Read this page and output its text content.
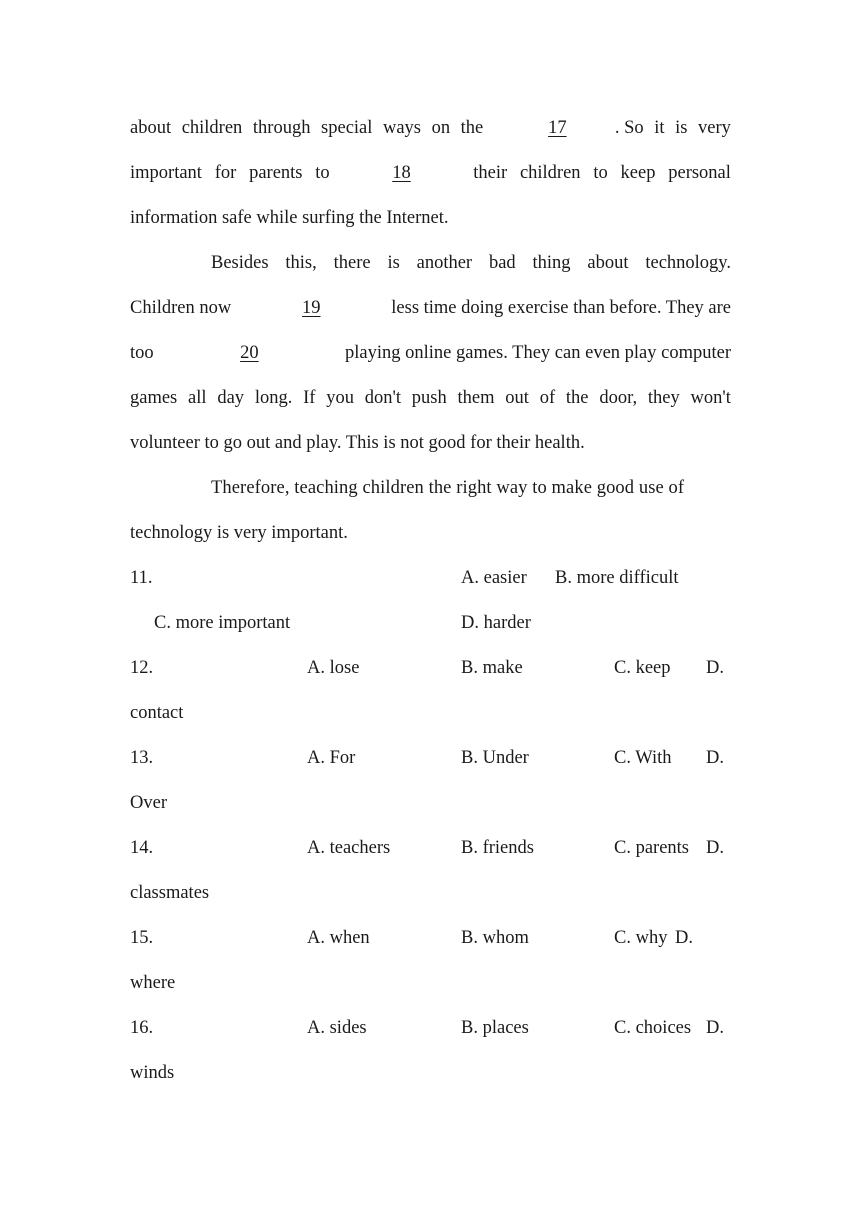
about children through special ways on the	17	. So it is very
important for parents to	18	their children to keep personal
information safe while surfing the Internet.
Besides this, there is another bad thing about technology.
Children now	19	less time doing exercise than before. They are
too	20	playing online games. They can even play computer
games all day long. If you don't push them out of the door, they won't
volunteer to go out and play. This is not good for their health.
Therefore, teaching children the right way to make good use of
technology is very important.
11.	A. easier B. more difficult
C. more important	D. harder
12.	A. lose	B. make	C. keep D.
contact
13.	A. For	B. Under	C. With D.
Over
14.	A. teachers	B. friends	C. parents D.
classmates
15.	A. when	B. whom	C. why D.
where
16.	A. sides	B. places	C. choices D.
winds
